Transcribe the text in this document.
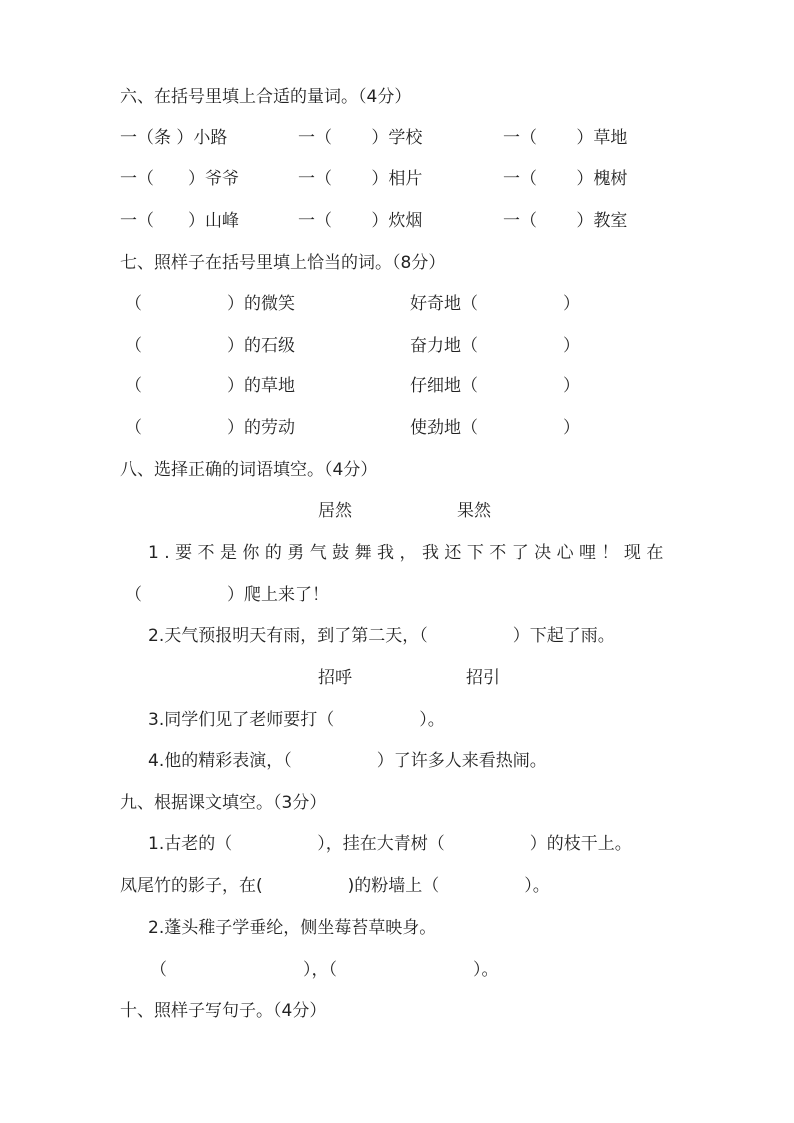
六、在括号里填上合适的量词。（4分）
一（条 ）小路	一（　　 ）学校	一（　　 ）草地
一（　　）爷爷	一（　　 ）相片	一（　　 ）槐树
一（　　）山峰	一（　　 ）炊烟	一（　　 ）教室
七、照样子在括号里填上恰当的词。（8分）
（　　　　　）的微笑	好奇地（　　　　　）
（　　　　　）的石级	奋力地（　　　　　）
（　　　　　）的草地	仔细地（　　　　　）
（　　　　　）的劳动	使劲地（　　　　　）
八、选择正确的词语填空。（4分）
居然	果然
1.要不是你的勇气鼓舞我，我还下不了决心哩！现在
（　　　　　）爬上来了！
2.天气预报明天有雨，到了第二天，（　　　　　）下起了雨。
招呼	招引
3.同学们见了老师要打（　　　　　）。
4.他的精彩表演，（　　　　　）了许多人来看热闹。
九、根据课文填空。（3分）
1.古老的（　　　　　），挂在大青树（　　　　　）的枝干上。
凤尾竹的影子，在(　　　　　)的粉墙上（　　　　　）。
2.蓬头稚子学垂纶，侧坐莓苔草映身。
（　　　　　　　　），（　　　　　　　　）。
十、照样子写句子。（4分）
